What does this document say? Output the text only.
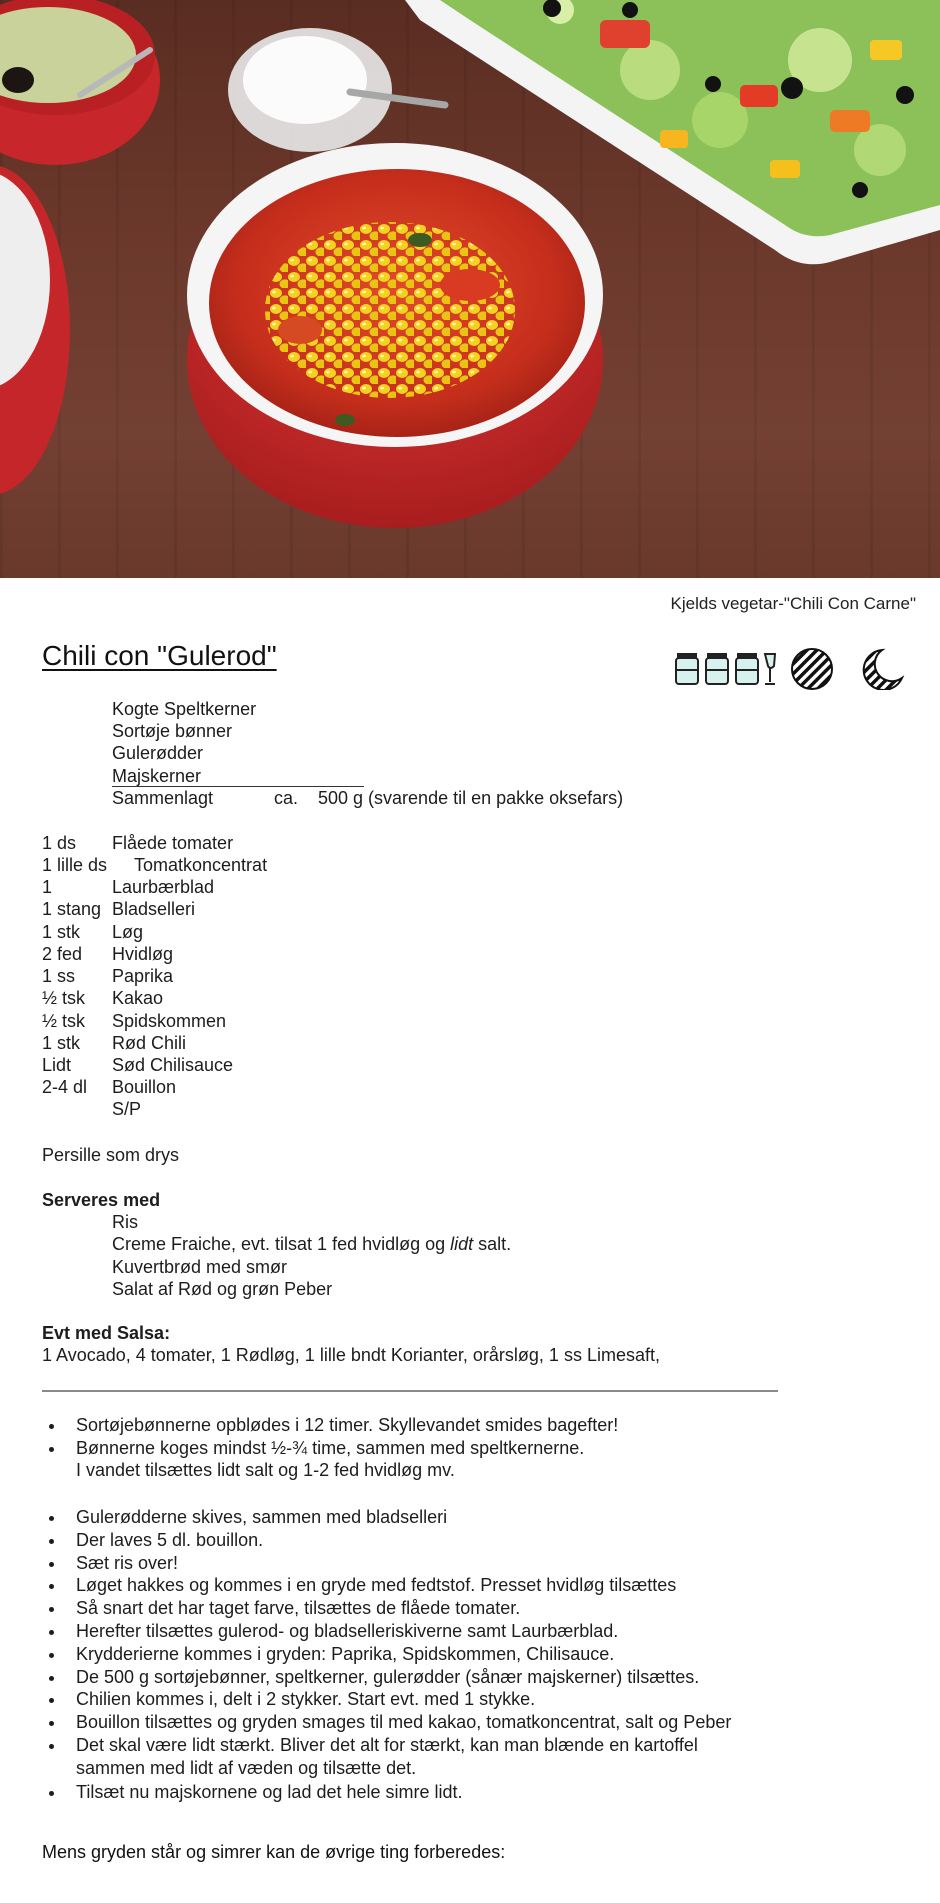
Kjelds vegetar-"Chili Con Carne"
Chili con "Gulerod"
Kogte Speltkerner
Sortøje bønner
Gulerødder
Majskerner
Sammenlagt	ca. 500 g (svarende til en pakke oksefars)
1 ds Flåede tomater
1 lille ds Tomatkoncentrat
1	Laurbærblad
1 stang Bladselleri
1 stk Løg
2 fed Hvidløg
1 ss Paprika
½ tsk Kakao
½ tsk Spidskommen
1 stk Rød Chili
Lidt Sød Chilisauce
2-4 dl Bouillon
S/P
Persille som drys
Serveres med
Ris
Creme Fraiche, evt. tilsat 1 fed hvidløg og lidt salt.
Kuvertbrød med smør
Salat af Rød og grøn Peber
Evt med Salsa:
1 Avocado, 4 tomater, 1 Rødløg, 1 lille bndt Korianter, orårsløg, 1 ss Limesaft,
• Sortøjebønnerne opblødes i 12 timer. Skyllevandet smides bagefter!
• Bønnerne koges mindst ½-¾ time, sammen med speltkernerne.
I vandet tilsættes lidt salt og 1-2 fed hvidløg mv.
• Gulerødderne skives, sammen med bladselleri
• Der laves 5 dl. bouillon.
• Sæt ris over!
• Løget hakkes og kommes i en gryde med fedtstof. Presset hvidløg tilsættes
• Så snart det har taget farve, tilsættes de flåede tomater.
• Herefter tilsættes gulerod- og bladselleriskiverne samt Laurbærblad.
• Krydderierne kommes i gryden: Paprika, Spidskommen, Chilisauce.
• De 500 g sortøjebønner, speltkerner, gulerødder (sånær majskerner) tilsættes.
• Chilien kommes i, delt i 2 stykker. Start evt. med 1 stykke.
• Bouillon tilsættes og gryden smages til med kakao, tomatkoncentrat, salt og Peber
• Det skal være lidt stærkt. Bliver det alt for stærkt, kan man blænde en kartoffel
sammen med lidt af væden og tilsætte det.
• Tilsæt nu majskornene og lad det hele simre lidt.
Mens gryden står og simrer kan de øvrige ting forberedes:
